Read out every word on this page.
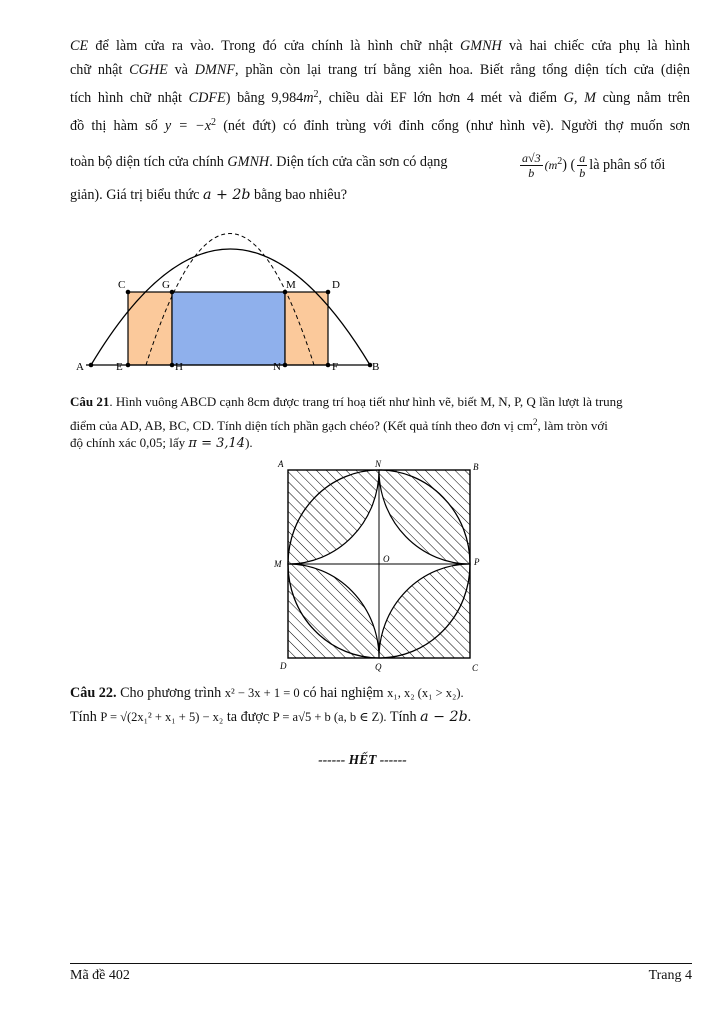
CE để làm cửa ra vào. Trong đó cửa chính là hình chữ nhật GMNH và hai chiếc cửa phụ là hình
chữ nhật CGHE và DMNF, phần còn lại trang trí bằng xiên hoa. Biết rằng tổng diện tích cửa (diện
tích hình chữ nhật CDFE) bằng $9,984m^2$, chiều dài EF lớn hơn 4 mét và điểm G, M cùng nằm trên
đồ thị hàm số $y = -x^2$ (nét đứt) có đỉnh trùng với đỉnh cổng (như hình vẽ). Người thợ muốn sơn
toàn bộ diện tích cửa chính GMNH. Diện tích cửa cần sơn có dạng	$\frac{a√3}{b} (m^2)$ ( $\frac{a}{b}$ là phân số tối
giản). Giá trị biểu thức a + 2b bằng bao nhiêu?
C	G	M	D
A	E	H	N	F	B
Câu 21. Hình vuông ABCD cạnh 8cm được trang trí hoạ tiết như hình vẽ, biết M, N, P, Q lần lượt là trung
điểm của AD, AB, BC, CD. Tính diện tích phần gạch chéo? (Kết quả tính theo đơn vị $cm^2$, làm tròn với
độ chính xác 0,05; lấy π = 3,14).
A	N	B
M	P
O
D	Q	C
Câu 22. Cho phương trình x² − 3x + 1 = 0 có hai nghiệm x₁, x₂ (x₁ > x₂).
Tính P = √(2x₁² + x₁ + 5) − x₂ ta được P = a√5 + b (a, b ∈ Z). Tính a − 2b.
------ HẾT ------
Mã đề 402	Trang 4
